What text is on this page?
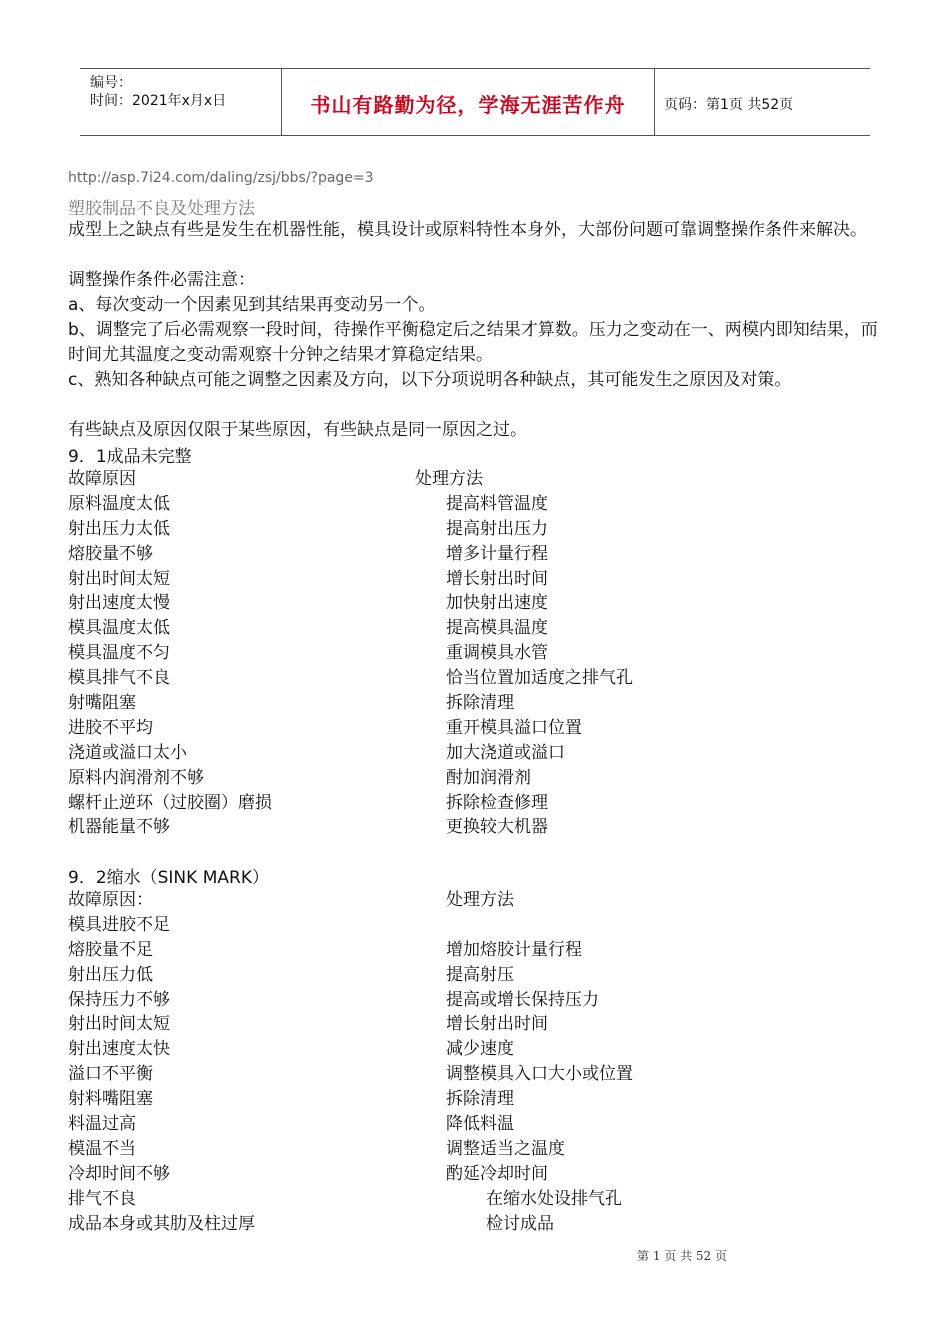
编号：
时间：2021年x月x日	书山有路勤为径，学海无涯苦作舟	页码：第1页 共52页
http://asp.7i24.com/daling/zsj/bbs/?page=3
塑胶制品不良及处理方法
成型上之缺点有些是发生在机器性能，模具设计或原料特性本身外，大部份问题可靠调整操作条件来解决。
调整操作条件必需注意：
a、每次变动一个因素见到其结果再变动另一个。
b、调整完了后必需观察一段时间，待操作平衡稳定后之结果才算数。压力之变动在一、两模内即知结果，而时间尤其温度之变动需观察十分钟之结果才算稳定结果。
c、熟知各种缺点可能之调整之因素及方向，以下分项说明各种缺点，其可能发生之原因及对策。
有些缺点及原因仅限于某些原因，有些缺点是同一原因之过。
9．1成品未完整
故障原因	处理方法
原料温度太低	提高料管温度
射出压力太低	提高射出压力
熔胶量不够	增多计量行程
射出时间太短	增长射出时间
射出速度太慢	加快射出速度
模具温度太低	提高模具温度
模具温度不匀	重调模具水管
模具排气不良	恰当位置加适度之排气孔
射嘴阻塞	拆除清理
进胶不平均	重开模具溢口位置
浇道或溢口太小	加大浇道或溢口
原料内润滑剂不够	酎加润滑剂
螺杆止逆环（过胶圈）磨损	拆除检查修理
机器能量不够	更换较大机器
9．2缩水（SINK MARK）
故障原因：	处理方法
模具进胶不足
熔胶量不足	增加熔胶计量行程
射出压力低	提高射压
保持压力不够	提高或增长保持压力
射出时间太短	增长射出时间
射出速度太快	减少速度
溢口不平衡	调整模具入口大小或位置
射料嘴阻塞	拆除清理
料温过高	降低料温
模温不当	调整适当之温度
冷却时间不够	酌延冷却时间
排气不良	在缩水处设排气孔
成品本身或其肋及柱过厚	检讨成品
第 1 页 共 52 页
